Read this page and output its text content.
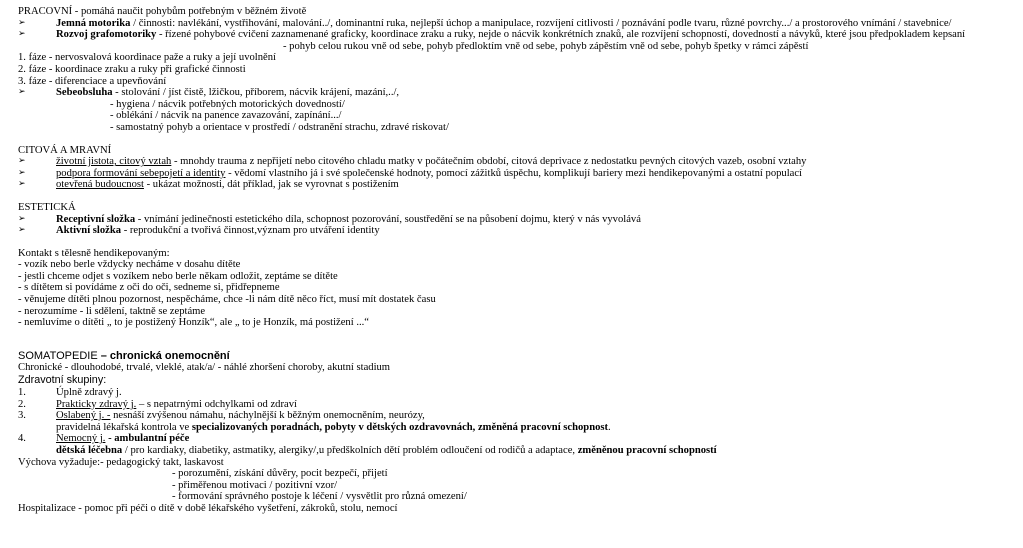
PRACOVNÍ - pomáhá naučit pohybům potřebným v běžném životě
➢	Jemná motorika / činnosti: navlékání, vystřihování, malování../, dominantní ruka, nejlepší úchop a manipulace, rozvíjení citlivosti / poznávání podle tvaru, různé povrchy.../ a prostorového vnímání / stavebnice/
➢	Rozvoj grafomotoriky - řízené pohybové cvičení zaznamenané graficky, koordinace zraku a ruky, nejde o nácvik konkrétních znaků, ale rozvíjení schopností, dovedností a návyků, které jsou předpokladem kepsaní
- pohyb celou rukou vně od sebe, pohyb předloktím vně od sebe, pohyb zápěstím vně od sebe, pohyb špetky v rámci zápěstí
1. fáze - nervosvalová koordinace paže a ruky a její uvolnění
2. fáze - koordinace zraku a ruky při grafické činnosti
3. fáze - diferenciace a upevňování
➢	Sebeobsluha - stolování / jíst čistě, lžičkou, příborem, nácvik krájení, mazání,../,
- hygiena / nácvik potřebných motorických dovedností/
- oblékání / nácvik na panence zavazování, zapínání.../
- samostatný pohyb a orientace v prostředí / odstranění strachu, zdravé riskovat/
CITOVÁ A MRAVNÍ
➢	životní jistota, citový vztah - mnohdy trauma z nepřijetí nebo citového chladu matky v počátečním období, citová deprivace z nedostatku pevných citových vazeb, osobní vztahy
➢	podpora formování sebepojetí a identity - vědomí vlastního já i své společenské hodnoty, pomocí zážitků úspěchu, komplikují bariery mezi hendikepovanými a ostatní populací
➢	otevřená budoucnost - ukázat možnosti, dát příklad, jak se vyrovnat s postižením
ESTETICKÁ
➢	Receptivní složka - vnímání jedinečnosti estetického díla, schopnost pozorování, soustředění se na působení dojmu, který v nás vyvolává
➢	Aktivní složka - reprodukční a tvořivá činnost,význam pro utváření identity
Kontakt s tělesně hendikepovaným:
- vozík nebo berle vždycky necháme v dosahu dítěte
- jestli chceme odjet s vozíkem nebo berle někam odložit, zeptáme se dítěte
- s dítětem si povídáme z oči do oči, sedneme si, přidřepneme
- věnujeme dítěti plnou pozornost, nespěcháme, chce -li nám dítě něco říct, musí mít dostatek času
- nerozumíme - li sdělení, taktně se zeptáme
- nemluvíme o dítěti „ to je postižený Honzík“, ale „ to je Honzík, má postižení ...“
SOMATOPEDIE – chronická onemocnění
Chronické - dlouhodobé, trvalé, vleklé, atak/a/ - náhlé zhoršení choroby, akutní stadium
Zdravotní skupiny:
1.	Úplně zdravý j.
2.	Prakticky zdravý j. – s nepatrnými odchylkami od zdraví
3.	Oslabený j. - nesnáší zvýšenou námahu, náchylnější k běžným onemocněním, neurózy,
pravidelná lékařská kontrola ve specializovaných poradnách, pobyty v dětských ozdravovnách, změněná pracovní schopnost.
4.	Nemocný j. - ambulantní péče
dětská léčebna / pro kardiaky, diabetiky, astmatiky, alergiky/,u předškolních dětí problém odloučení od rodičů a adaptace, změněnou pracovní schopností
Výchova vyžaduje:- pedagogický takt, laskavost
- porozumění, získání důvěry, pocit bezpečí, přijetí
- přiměřenou motivaci / pozitivní vzor/
- formování správného postoje k léčení / vysvětlit pro různá omezení/
Hospitalizace - pomoc při péči o dítě v době lékařského vyšetření, zákroků, stolu, nemocí
